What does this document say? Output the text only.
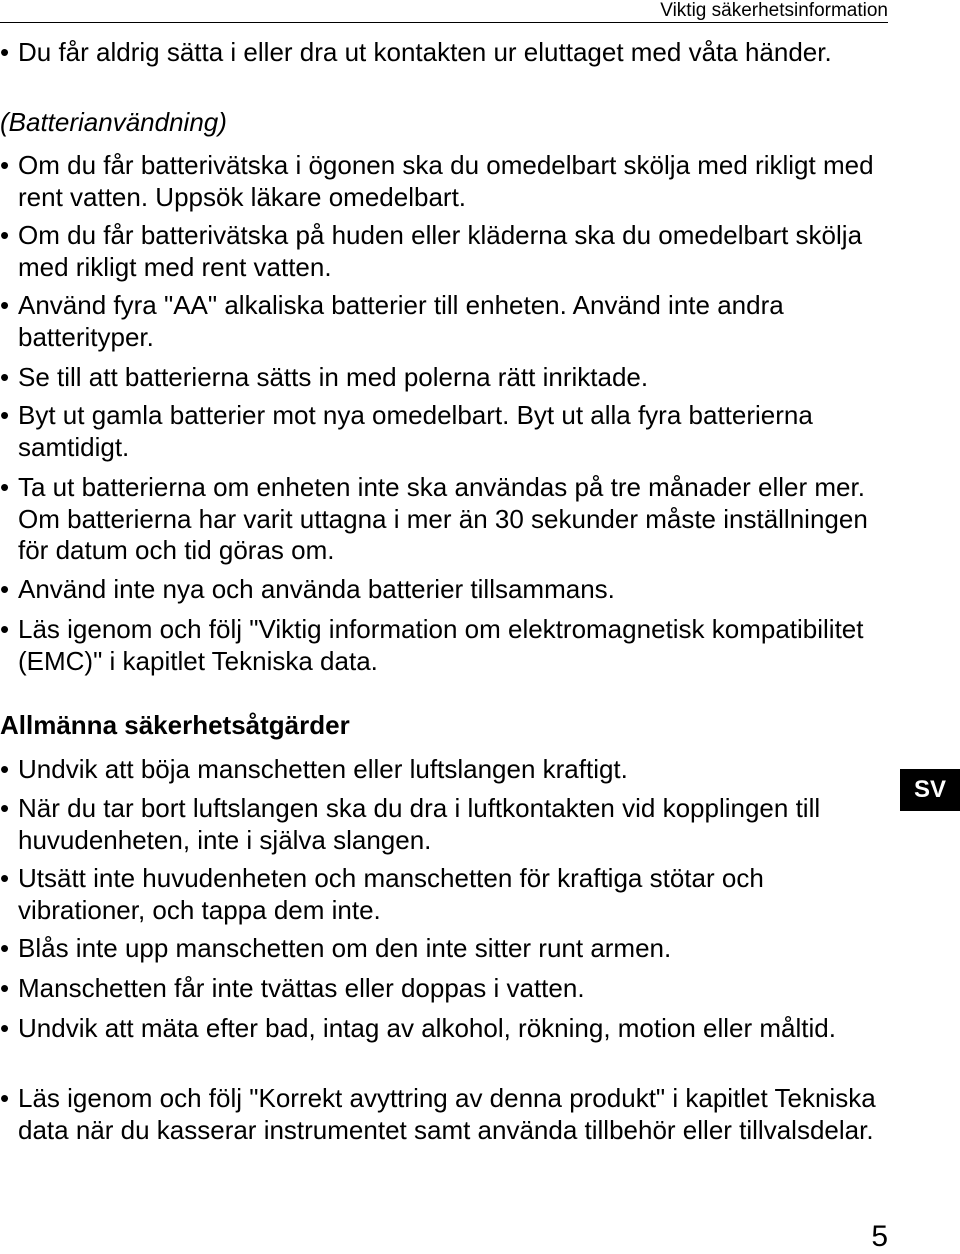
Viktig säkerhetsinformation
• Du får aldrig sätta i eller dra ut kontakten ur eluttaget med våta händer.
(Batterianvändning)
• Om du får batterivätska i ögonen ska du omedelbart skölja med rikligt med rent vatten. Uppsök läkare omedelbart.
• Om du får batterivätska på huden eller kläderna ska du omedelbart skölja med rikligt med rent vatten.
• Använd fyra "AA" alkaliska batterier till enheten. Använd inte andra batterityper.
• Se till att batterierna sätts in med polerna rätt inriktade.
• Byt ut gamla batterier mot nya omedelbart. Byt ut alla fyra batterierna samtidigt.
• Ta ut batterierna om enheten inte ska användas på tre månader eller mer. Om batterierna har varit uttagna i mer än 30 sekunder måste inställningen för datum och tid göras om.
• Använd inte nya och använda batterier tillsammans.
• Läs igenom och följ "Viktig information om elektromagnetisk kompatibilitet (EMC)" i kapitlet Tekniska data.
Allmänna säkerhetsåtgärder
• Undvik att böja manschetten eller luftslangen kraftigt.
• När du tar bort luftslangen ska du dra i luftkontakten vid kopplingen till huvudenheten, inte i själva slangen.
• Utsätt inte huvudenheten och manschetten för kraftiga stötar och vibrationer, och tappa dem inte.
• Blås inte upp manschetten om den inte sitter runt armen.
• Manschetten får inte tvättas eller doppas i vatten.
• Undvik att mäta efter bad, intag av alkohol, rökning, motion eller måltid.
• Läs igenom och följ "Korrekt avyttring av denna produkt" i kapitlet Tekniska data när du kasserar instrumentet samt använda tillbehör eller tillvalsdelar.
SV
5
